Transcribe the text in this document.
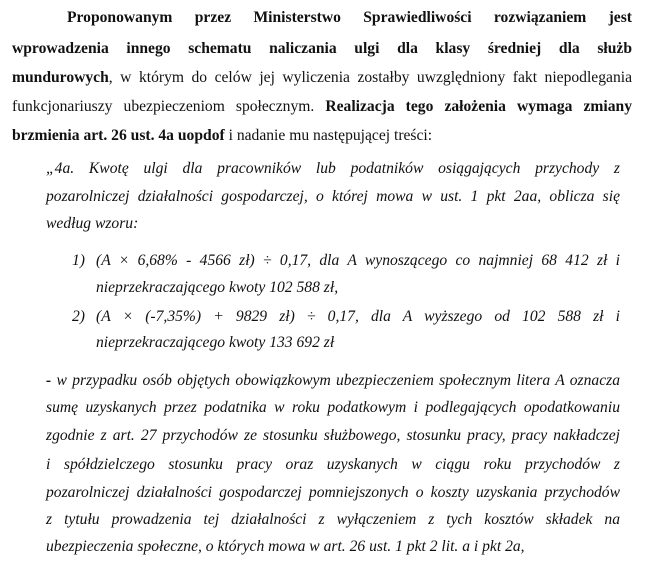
Proponowanym przez Ministerstwo Sprawiedliwości rozwiązaniem jest
wprowadzenia innego schematu naliczania ulgi dla klasy średniej dla służb
mundurowych, w którym do celów jej wyliczenia zostałby uwzględniony fakt niepodlegania
funkcjonariuszy ubezpieczeniom społecznym. Realizacja tego założenia wymaga zmiany
brzmienia art. 26 ust. 4a uopdof i nadanie mu następującej treści:
„4a. Kwotę ulgi dla pracowników lub podatników osiągających przychody z
pozarolniczej działalności gospodarczej, o której mowa w ust. 1 pkt 2aa, oblicza się
według wzoru:
1) (A × 6,68% - 4566 zł) ÷ 0,17, dla A wynoszącego co najmniej 68 412 zł i
nieprzekraczającego kwoty 102 588 zł,
2) (A × (-7,35%) + 9829 zł) ÷ 0,17, dla A wyższego od 102 588 zł i
nieprzekraczającego kwoty 133 692 zł
- w przypadku osób objętych obowiązkowym ubezpieczeniem społecznym litera A oznacza
sumę uzyskanych przez podatnika w roku podatkowym i podlegających opodatkowaniu
zgodnie z art. 27 przychodów ze stosunku służbowego, stosunku pracy, pracy nakładczej
i spółdzielczego stosunku pracy oraz uzyskanych w ciągu roku przychodów z
pozarolniczej działalności gospodarczej pomniejszonych o koszty uzyskania przychodów
z tytułu prowadzenia tej działalności z wyłączeniem z tych kosztów składek na
ubezpieczenia społeczne, o których mowa w art. 26 ust. 1 pkt 2 lit. a i pkt 2a,
